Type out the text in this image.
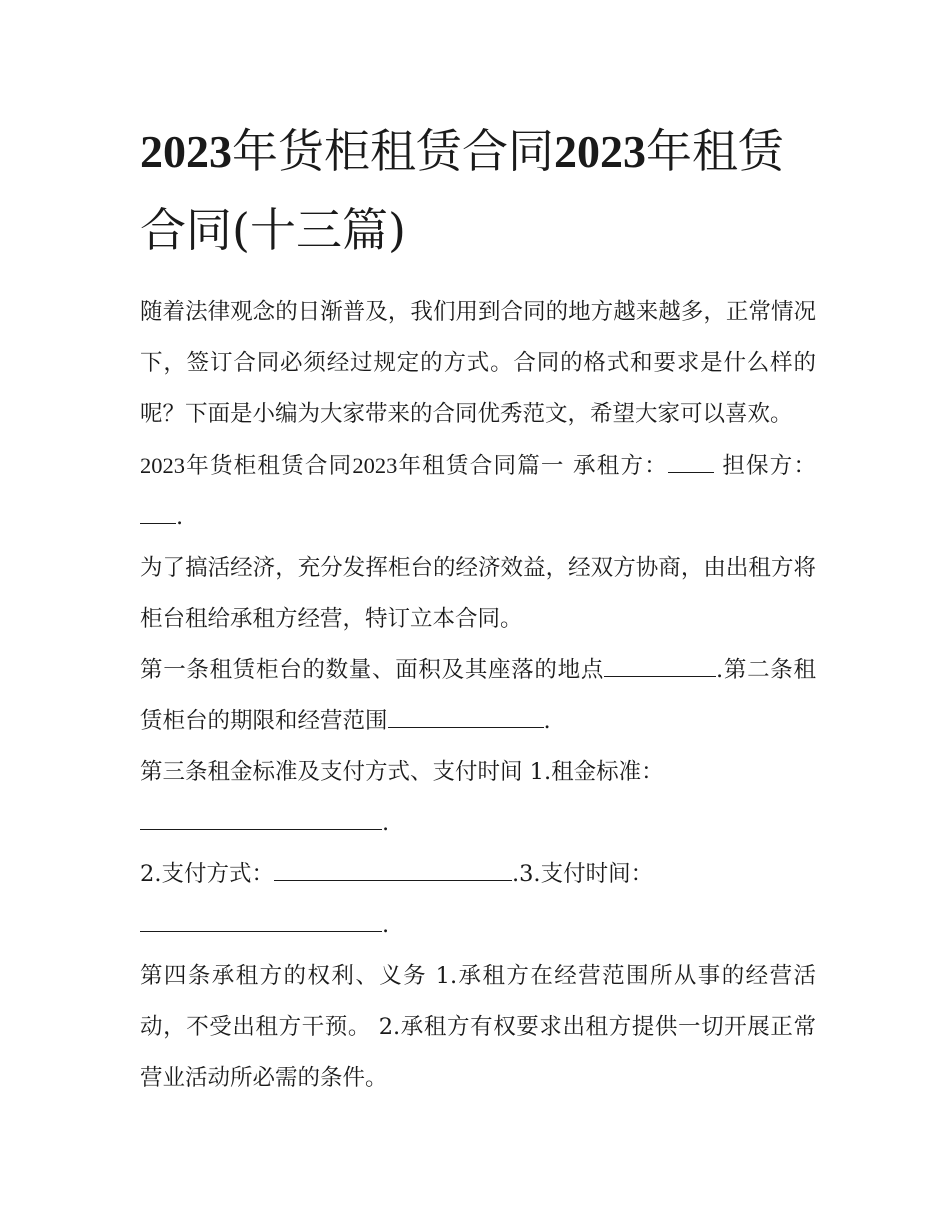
2023年货柜租赁合同2023年租赁合同(十三篇)

随着法律观念的日渐普及，我们用到合同的地方越来越多，正常情况下，签订合同必须经过规定的方式。合同的格式和要求是什么样的呢？下面是小编为大家带来的合同优秀范文，希望大家可以喜欢。

2023年货柜租赁合同2023年租赁合同篇一 承租方： 担保方：.

为了搞活经济，充分发挥柜台的经济效益，经双方协商，由出租方将柜台租给承租方经营，特订立本合同。

第一条租赁柜台的数量、面积及其座落的地点	.第二条租赁柜台的期限和经营范围	.

第三条租金标准及支付方式、支付时间 1.租金标准：
.

2.支付方式：	.3.支付时间：
.

第四条承租方的权利、义务 1.承租方在经营范围所从事的经营活动，不受出租方干预。 2.承租方有权要求出租方提供一切开展正常营业活动所必需的条件。
